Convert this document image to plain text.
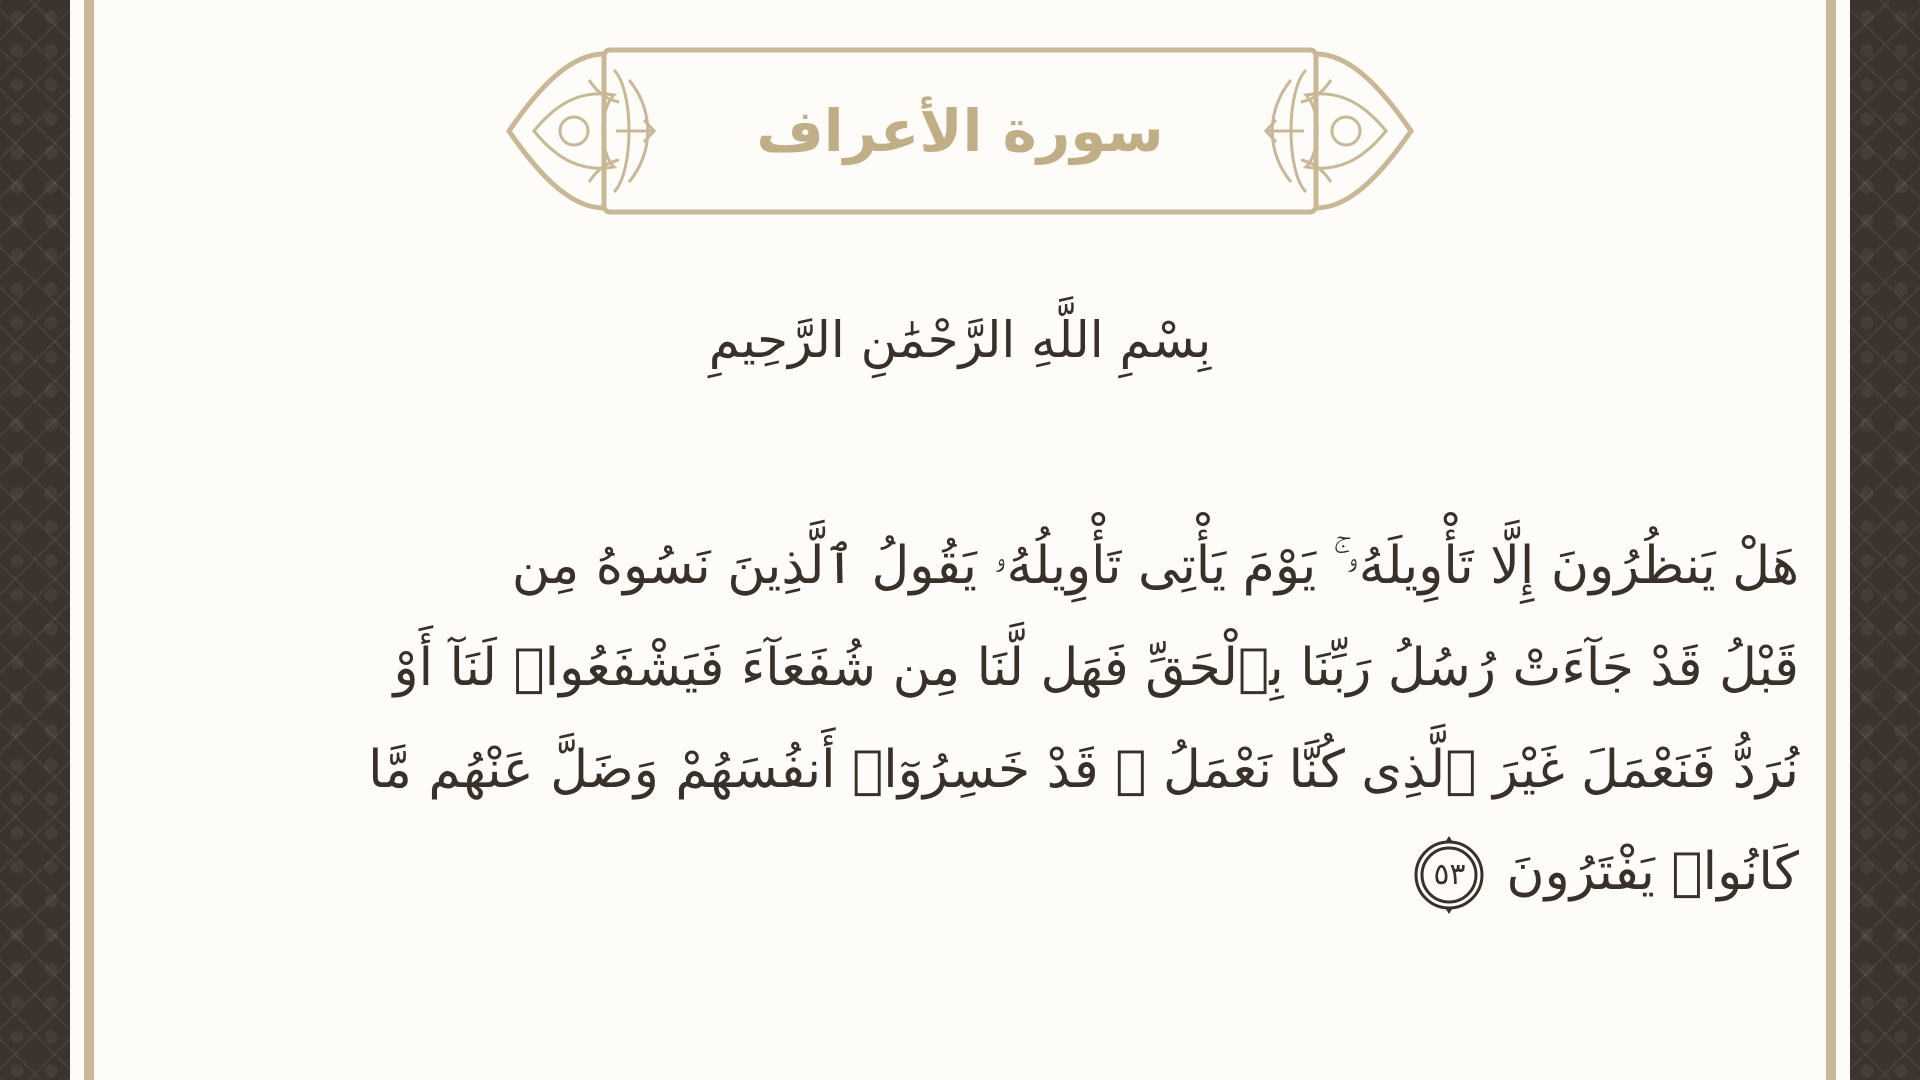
سورة الأعراف
بِسْمِ اللَّهِ الرَّحْمَٰنِ الرَّحِيمِ
هَلْ يَنظُرُونَ إِلَّا تَأْوِيلَهُۥ ۚ يَوْمَ يَأْتِى تَأْوِيلُهُۥ يَقُولُ ٱلَّذِينَ نَسُوهُ مِن
قَبْلُ قَدْ جَآءَتْ رُسُلُ رَبِّنَا بِٱلْحَقِّ فَهَل لَّنَا مِن شُفَعَآءَ فَيَشْفَعُوا۟ لَنَآ أَوْ
نُرَدُّ فَنَعْمَلَ غَيْرَ ٱلَّذِى كُنَّا نَعْمَلُ ۚ قَدْ خَسِرُوٓا۟ أَنفُسَهُمْ وَضَلَّ عَنْهُم مَّا
كَانُوا۟ يَفْتَرُونَ
٥٣
